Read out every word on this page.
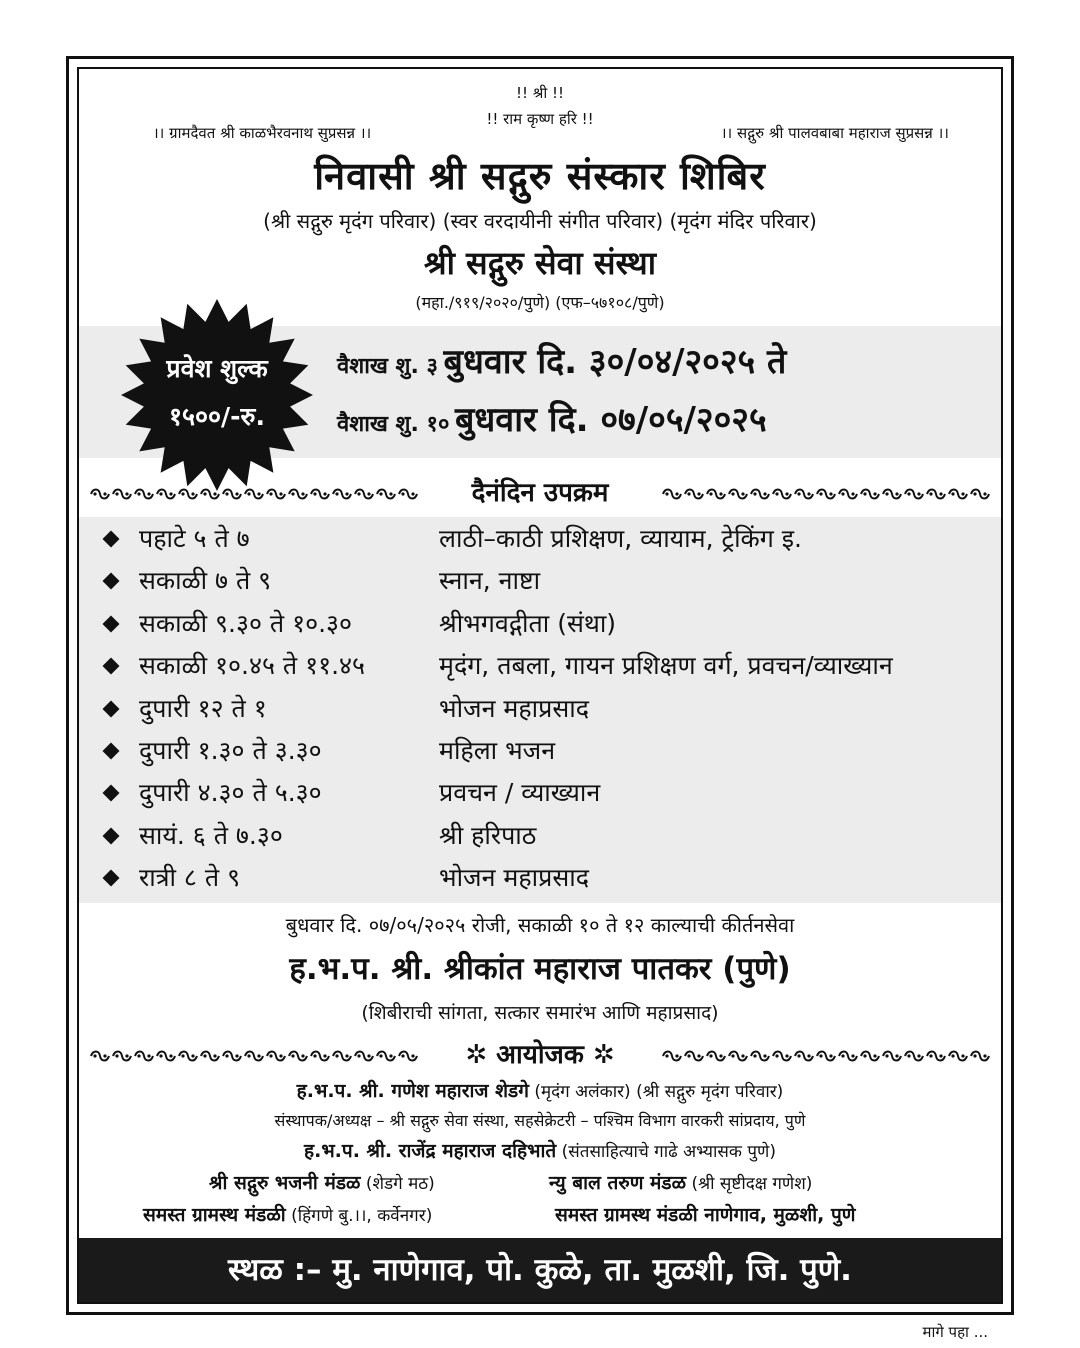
!! श्री !!
!! राम कृष्ण हरि !!
।। ग्रामदैवत श्री काळभैरवनाथ सुप्रसन्न ।।	।। सद्गुरु श्री पालवबाबा महाराज सुप्रसन्न ।।
निवासी श्री सद्गुरु संस्कार शिबिर
(श्री सद्गुरु मृदंग परिवार) (स्वर वरदायीनी संगीत परिवार) (मृदंग मंदिर परिवार)
श्री सद्गुरु सेवा संस्था
(महा./९१९/२०२०/पुणे) (एफ–५७१०८/पुणे)
प्रवेश शुल्क
१५००/-रु.
वैशाख शु. ३ बुधवार दि. ३०/०४/२०२५ ते
वैशाख शु. १० बुधवार दि. ०७/०५/२०२५
दैनंदिन उपक्रम
पहाटे ५ ते ७	लाठी–काठी प्रशिक्षण, व्यायाम, ट्रेकिंग इ.
सकाळी ७ ते ९	स्नान, नाष्टा
सकाळी ९.३० ते १०.३०	श्रीभगवद्गीता (संथा)
सकाळी १०.४५ ते ११.४५	मृदंग, तबला, गायन प्रशिक्षण वर्ग, प्रवचन/व्याख्यान
दुपारी १२ ते १	भोजन महाप्रसाद
दुपारी १.३० ते ३.३०	महिला भजन
दुपारी ४.३० ते ५.३०	प्रवचन / व्याख्यान
सायं. ६ ते ७.३०	श्री हरिपाठ
रात्री ८ ते ९	भोजन महाप्रसाद
बुधवार दि. ०७/०५/२०२५ रोजी, सकाळी १० ते १२ काल्याची कीर्तनसेवा
ह.भ.प. श्री. श्रीकांत महाराज पातकर (पुणे)
(शिबीराची सांगता, सत्कार समारंभ आणि महाप्रसाद)
✲ आयोजक ✲
ह.भ.प. श्री. गणेश महाराज शेडगे (मृदंग अलंकार) (श्री सद्गुरु मृदंग परिवार)
संस्थापक/अध्यक्ष – श्री सद्गुरु सेवा संस्था, सहसेक्रेटरी – पश्चिम विभाग वारकरी सांप्रदाय, पुणे
ह.भ.प. श्री. राजेंद्र महाराज दहिभाते (संतसाहित्याचे गाढे अभ्यासक पुणे)
श्री सद्गुरु भजनी मंडळ (शेडगे मठ)	न्यु बाल तरुण मंडळ (श्री सृष्टीदक्ष गणेश)
समस्त ग्रामस्थ मंडळी (हिंगणे बु.।।, कर्वेनगर)	समस्त ग्रामस्थ मंडळी नाणेगाव, मुळशी, पुणे
स्थळ :– मु. नाणेगाव, पो. कुळे, ता. मुळशी, जि. पुणे.
मागे पहा ...
